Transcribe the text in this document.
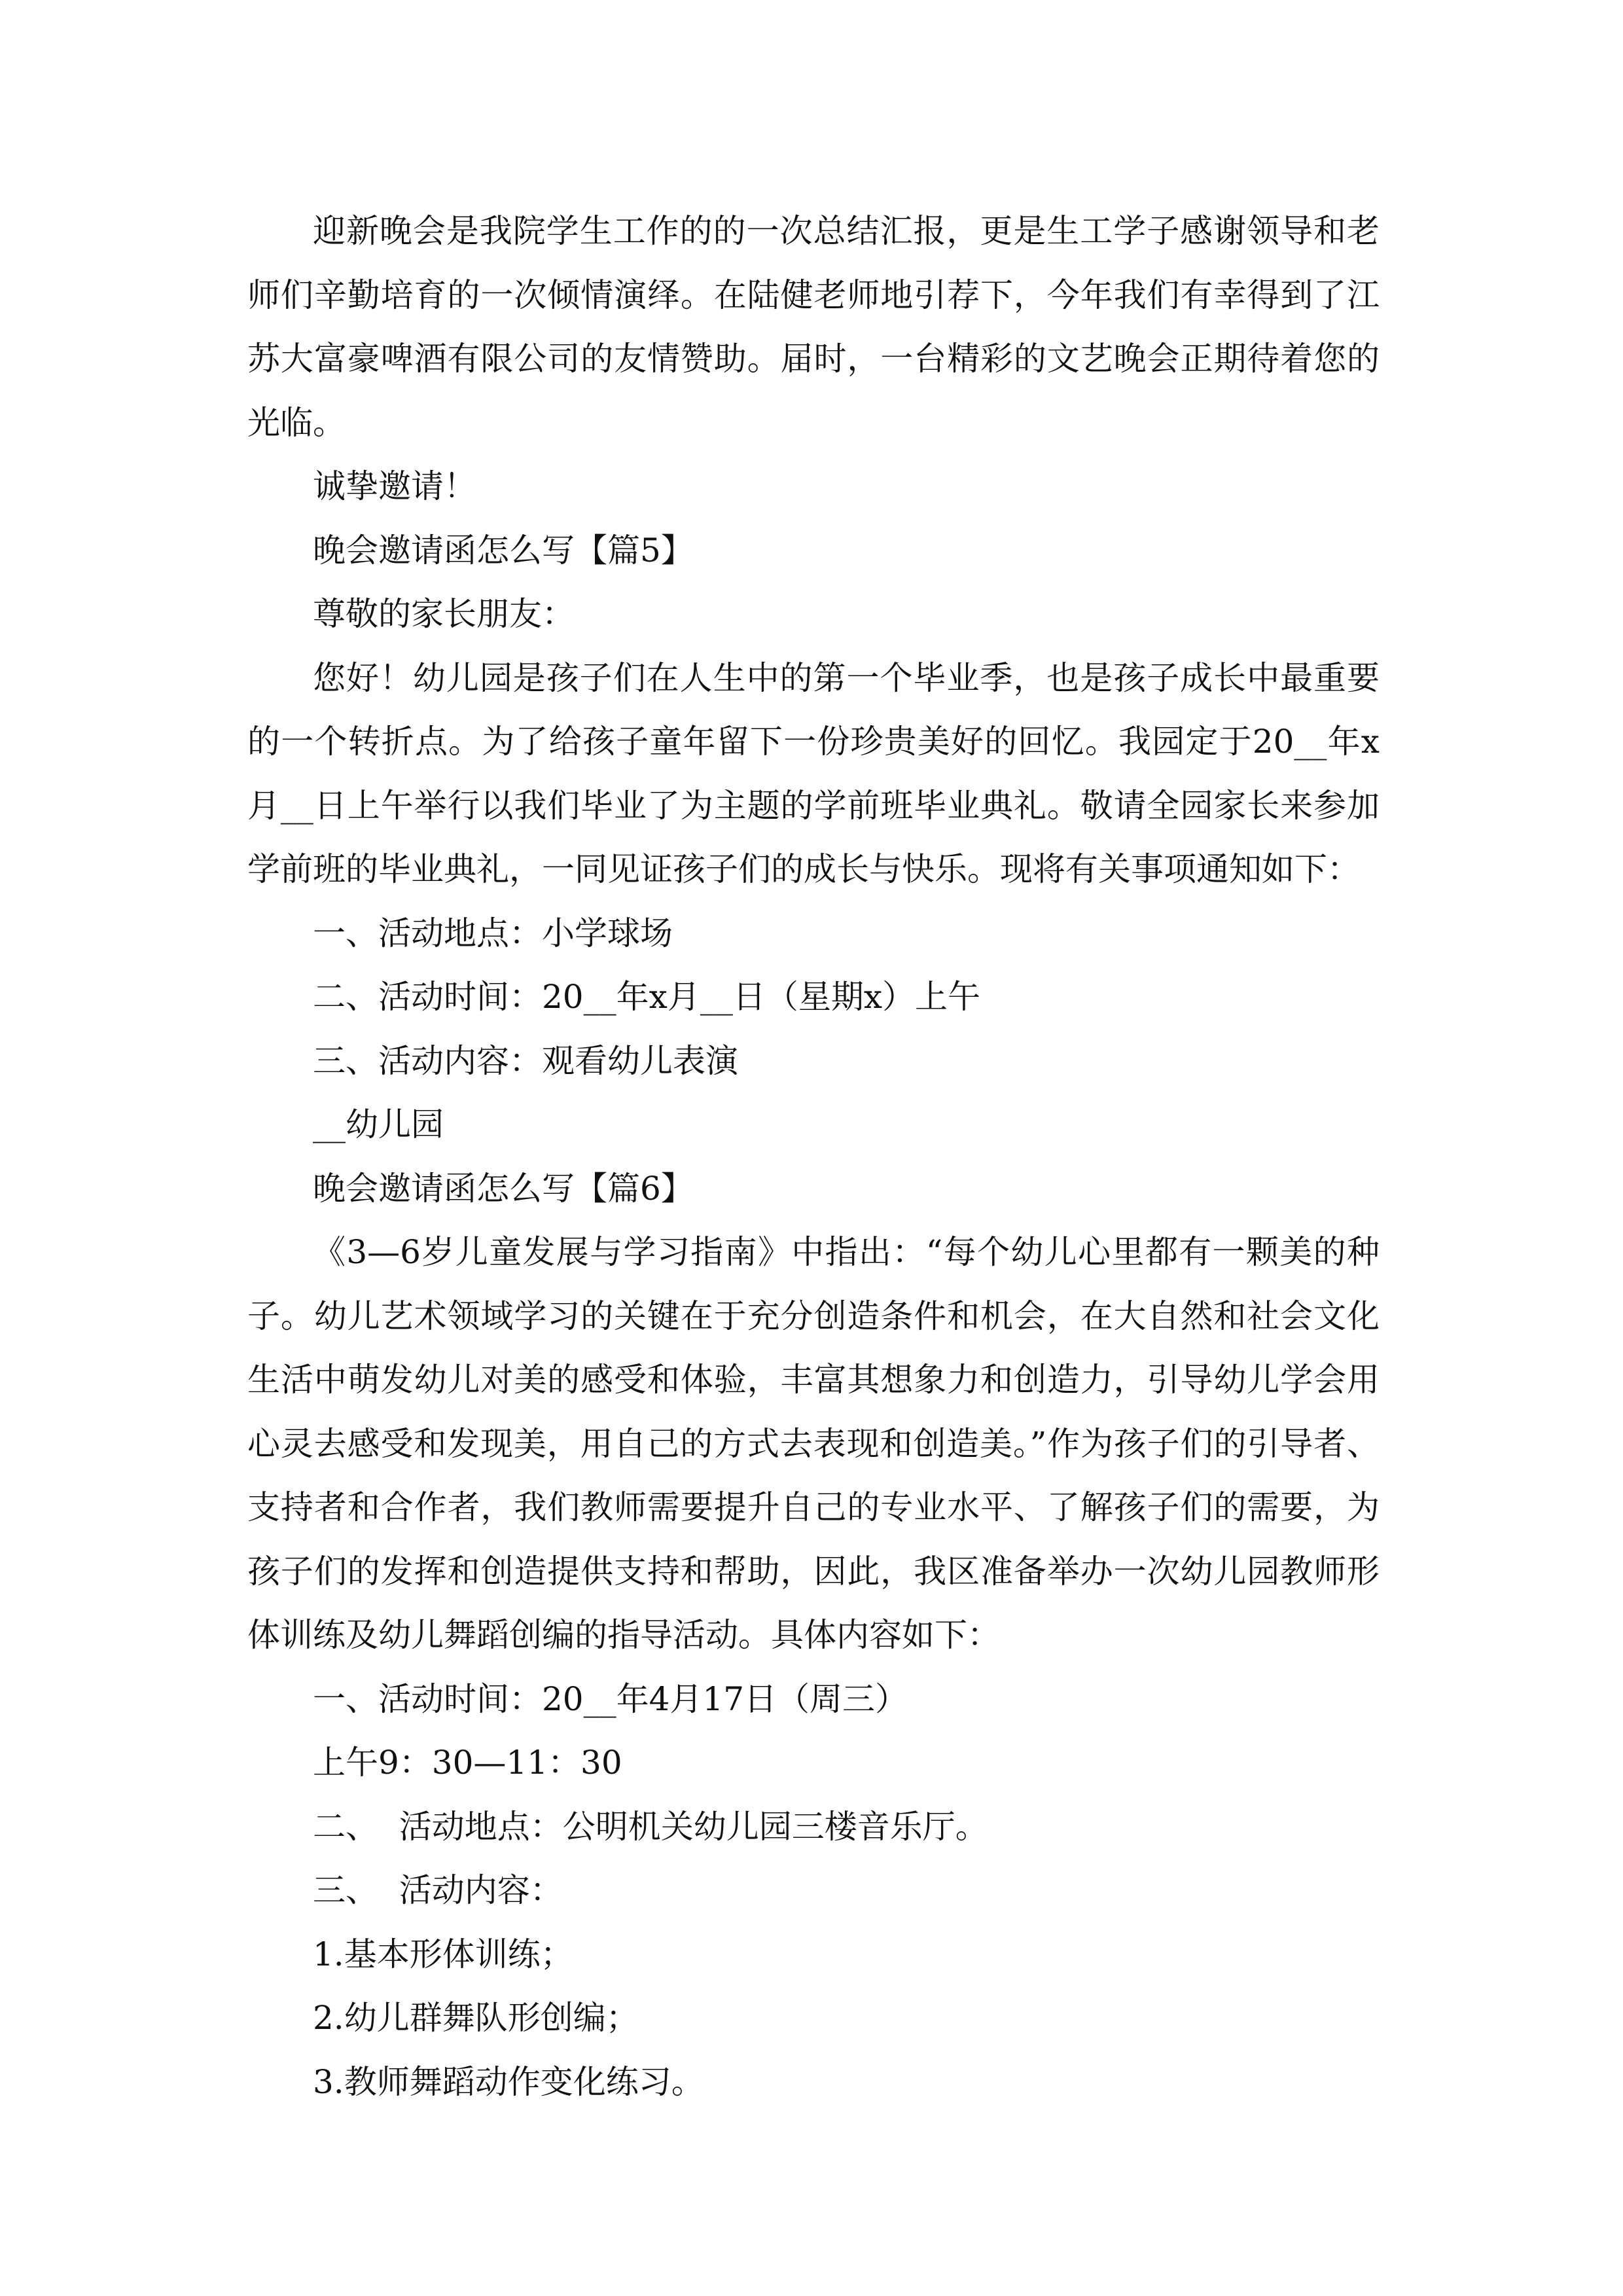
迎新晚会是我院学生工作的的一次总结汇报，更是生工学子感谢领导和老师们辛勤培育的一次倾情演绎。在陆健老师地引荐下，今年我们有幸得到了江苏大富豪啤酒有限公司的友情赞助。届时，一台精彩的文艺晚会正期待着您的光临。

诚挚邀请！

晚会邀请函怎么写【篇5】

尊敬的家长朋友：

您好！幼儿园是孩子们在人生中的第一个毕业季，也是孩子成长中最重要的一个转折点。为了给孩子童年留下一份珍贵美好的回忆。我园定于20__年x月__日上午举行以我们毕业了为主题的学前班毕业典礼。敬请全园家长来参加学前班的毕业典礼，一同见证孩子们的成长与快乐。现将有关事项通知如下：

一、活动地点：小学球场

二、活动时间：20__年x月__日（星期x）上午

三、活动内容：观看幼儿表演

__幼儿园

晚会邀请函怎么写【篇6】

《3—6岁儿童发展与学习指南》中指出：“每个幼儿心里都有一颗美的种子。幼儿艺术领域学习的关键在于充分创造条件和机会，在大自然和社会文化生活中萌发幼儿对美的感受和体验，丰富其想象力和创造力，引导幼儿学会用心灵去感受和发现美，用自己的方式去表现和创造美。”作为孩子们的引导者、支持者和合作者，我们教师需要提升自己的专业水平、了解孩子们的需要，为孩子们的发挥和创造提供支持和帮助，因此，我区准备举办一次幼儿园教师形体训练及幼儿舞蹈创编的指导活动。具体内容如下：

一、活动时间：20__年4月17日（周三）

上午9：30—11：30

二、  活动地点：公明机关幼儿园三楼音乐厅。

三、  活动内容：

1.基本形体训练；

2.幼儿群舞队形创编；

3.教师舞蹈动作变化练习。
